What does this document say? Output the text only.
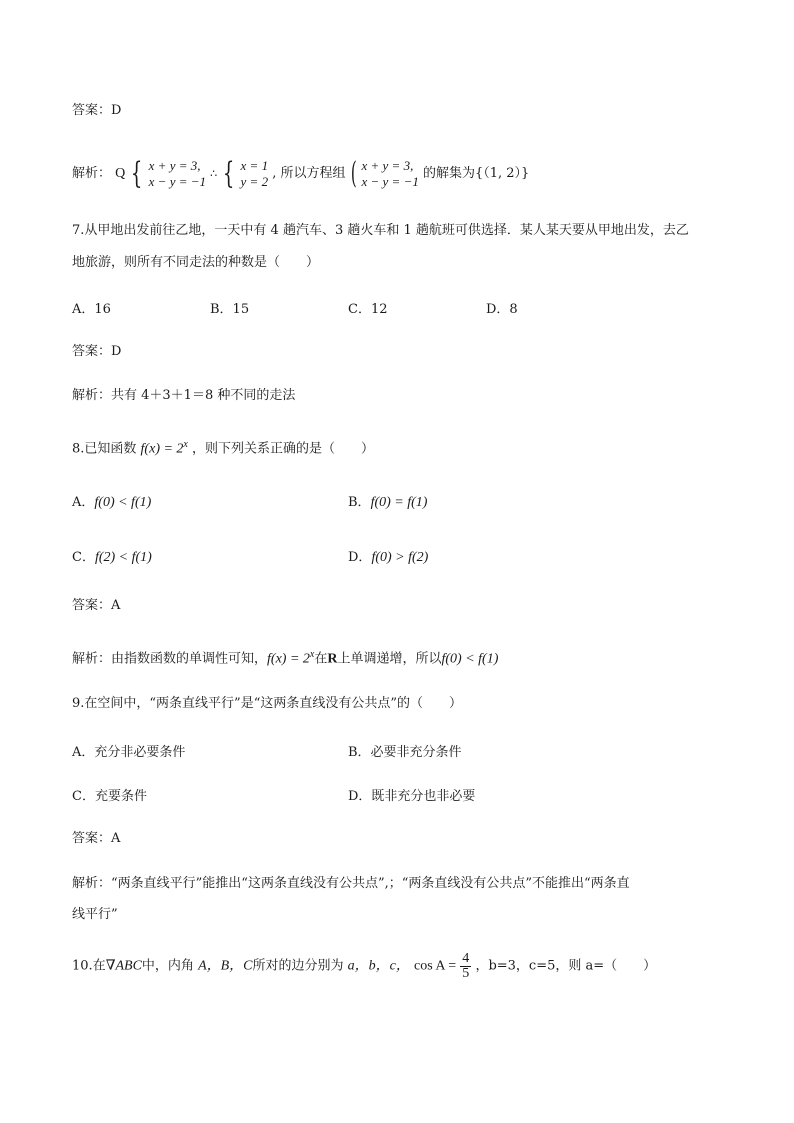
答案：D
解析： Q { x + y = 3,
x − y = −1 ∴ { x = 1
y = 2
, 所以方程组 ( x + y = 3,
x − y = −1
的解集为{（1, 2）}
7.从甲地出发前往乙地，一天中有 4 趟汽车、3 趟火车和 1 趟航班可供选择．某人某天要从甲地出发，去乙
地旅游，则所有不同走法的种数是（　　）
A．16	B．15	C．12	D．8
答案：D
解析：共有 4＋3＋1＝8 种不同的走法
8.已知函数 $f(x) = 2^x$ ，则下列关系正确的是（　　）
A．f(0) < f(1)	B．f(0) = f(1)
C．f(2) < f(1)	D．f(0) > f(2)
答案：A
解析：由指数函数的单调性可知，$f(x) = 2^x$在R上单调递增，所以f(0) < f(1)
9.在空间中，“两条直线平行”是“这两条直线没有公共点”的（　　）
A．充分非必要条件	B．必要非充分条件
C．充要条件	D．既非充分也非必要
答案：A
解析：“两条直线平行”能推出“这两条直线没有公共点”,；“两条直线没有公共点”不能推出“两条直
线平行”
10.在∇ABC中，内角 A，B，C所对的边分别为 a，b，c， $\cos A = \frac{4}{5}$ ，b=3，c=5，则 a=（　　）
